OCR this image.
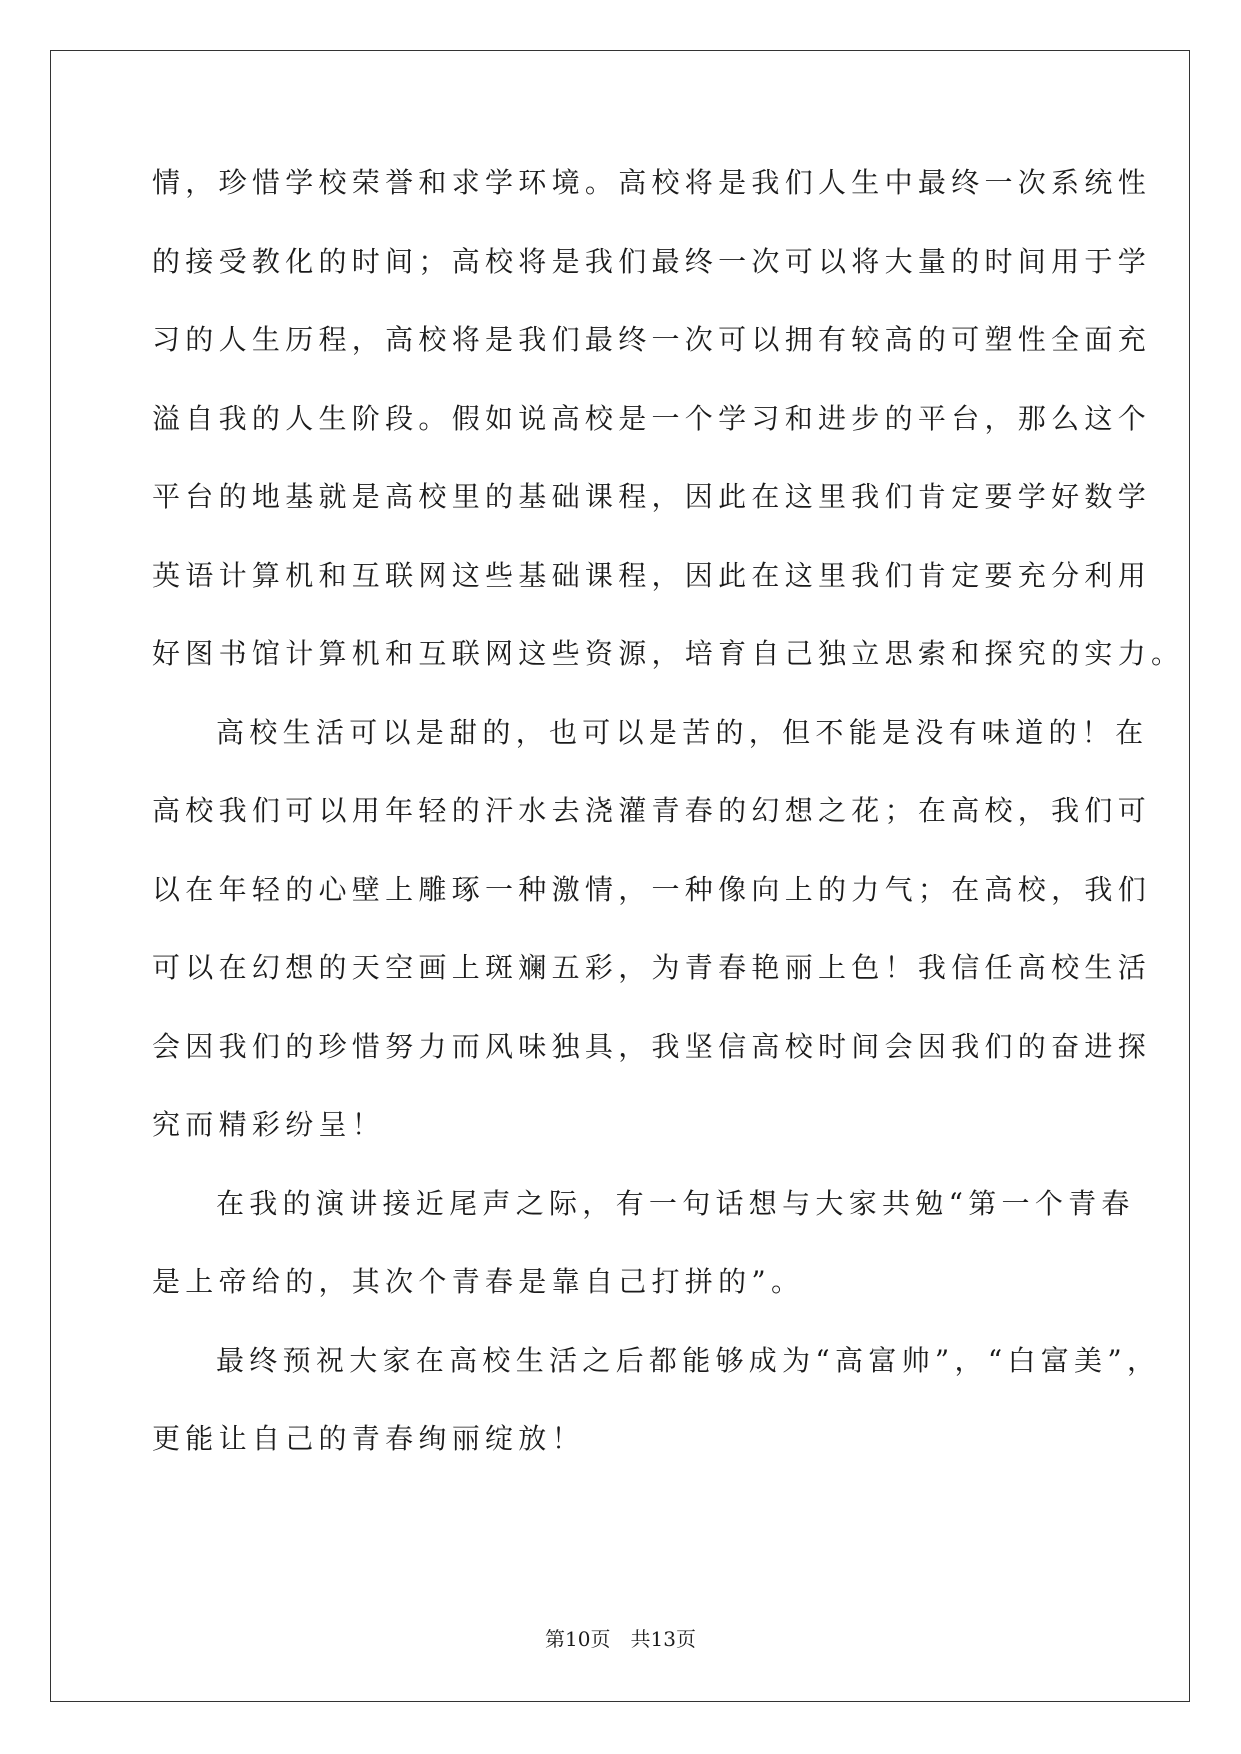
情，珍惜学校荣誉和求学环境。高校将是我们人生中最终一次系统性
的接受教化的时间；高校将是我们最终一次可以将大量的时间用于学
习的人生历程，高校将是我们最终一次可以拥有较高的可塑性全面充
溢自我的人生阶段。假如说高校是一个学习和进步的平台，那么这个
平台的地基就是高校里的基础课程，因此在这里我们肯定要学好数学
英语计算机和互联网这些基础课程，因此在这里我们肯定要充分利用
好图书馆计算机和互联网这些资源，培育自己独立思索和探究的实力。
高校生活可以是甜的，也可以是苦的，但不能是没有味道的！在
高校我们可以用年轻的汗水去浇灌青春的幻想之花；在高校，我们可
以在年轻的心壁上雕琢一种激情，一种像向上的力气；在高校，我们
可以在幻想的天空画上斑斓五彩，为青春艳丽上色！我信任高校生活
会因我们的珍惜努力而风味独具，我坚信高校时间会因我们的奋进探
究而精彩纷呈！
在我的演讲接近尾声之际，有一句话想与大家共勉“第一个青春
是上帝给的，其次个青春是靠自己打拼的”。
最终预祝大家在高校生活之后都能够成为“高富帅”，“白富美”，
更能让自己的青春绚丽绽放！
第10页 共13页
